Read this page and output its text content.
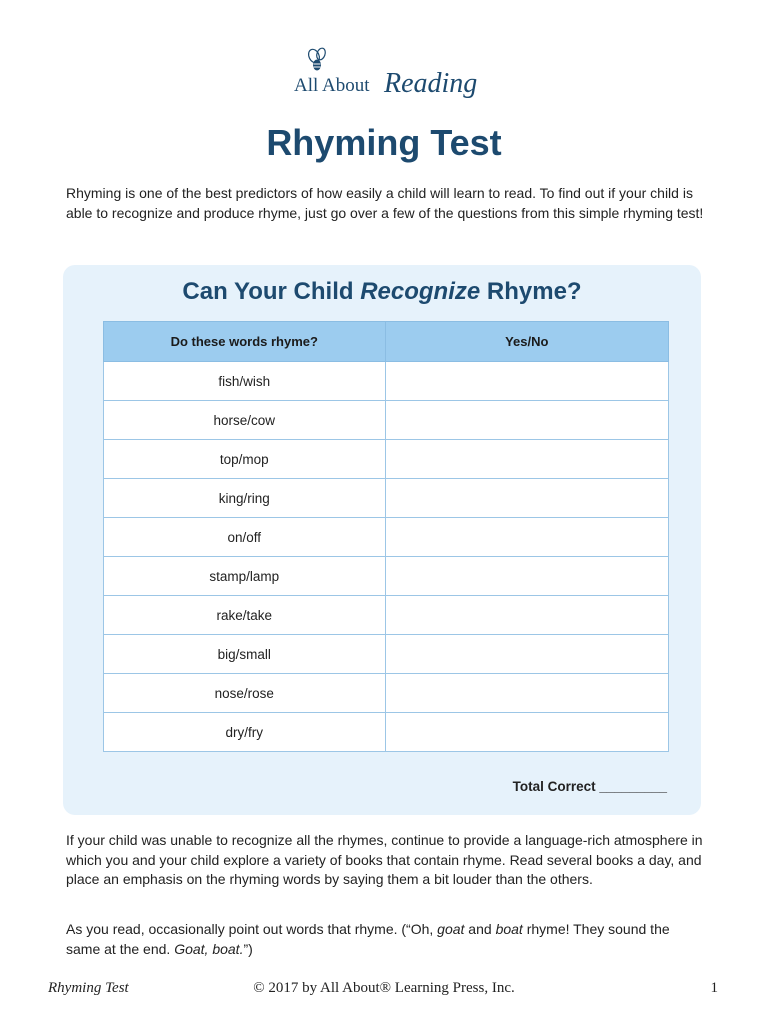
All About Reading
Rhyming Test

Rhyming is one of the best predictors of how easily a child will learn to read. To find out if your child is able to recognize and produce rhyme, just go over a few of the questions from this simple rhyming test!

Can Your Child Recognize Rhyme?
Do these words rhyme?	Yes/No
fish/wish	
horse/cow	
top/mop	
king/ring	
on/off	
stamp/lamp	
rake/take	
big/small	
nose/rose	
dry/fry	

Total Correct _________

If your child was unable to recognize all the rhymes, continue to provide a language-rich atmosphere in which you and your child explore a variety of books that contain rhyme. Read several books a day, and place an emphasis on the rhyming words by saying them a bit louder than the others.

As you read, occasionally point out words that rhyme. (“Oh, goat and boat rhyme! They sound the same at the end. Goat, boat.”)

© 2017 by All About® Learning Press, Inc.
Rhyming Test	1
